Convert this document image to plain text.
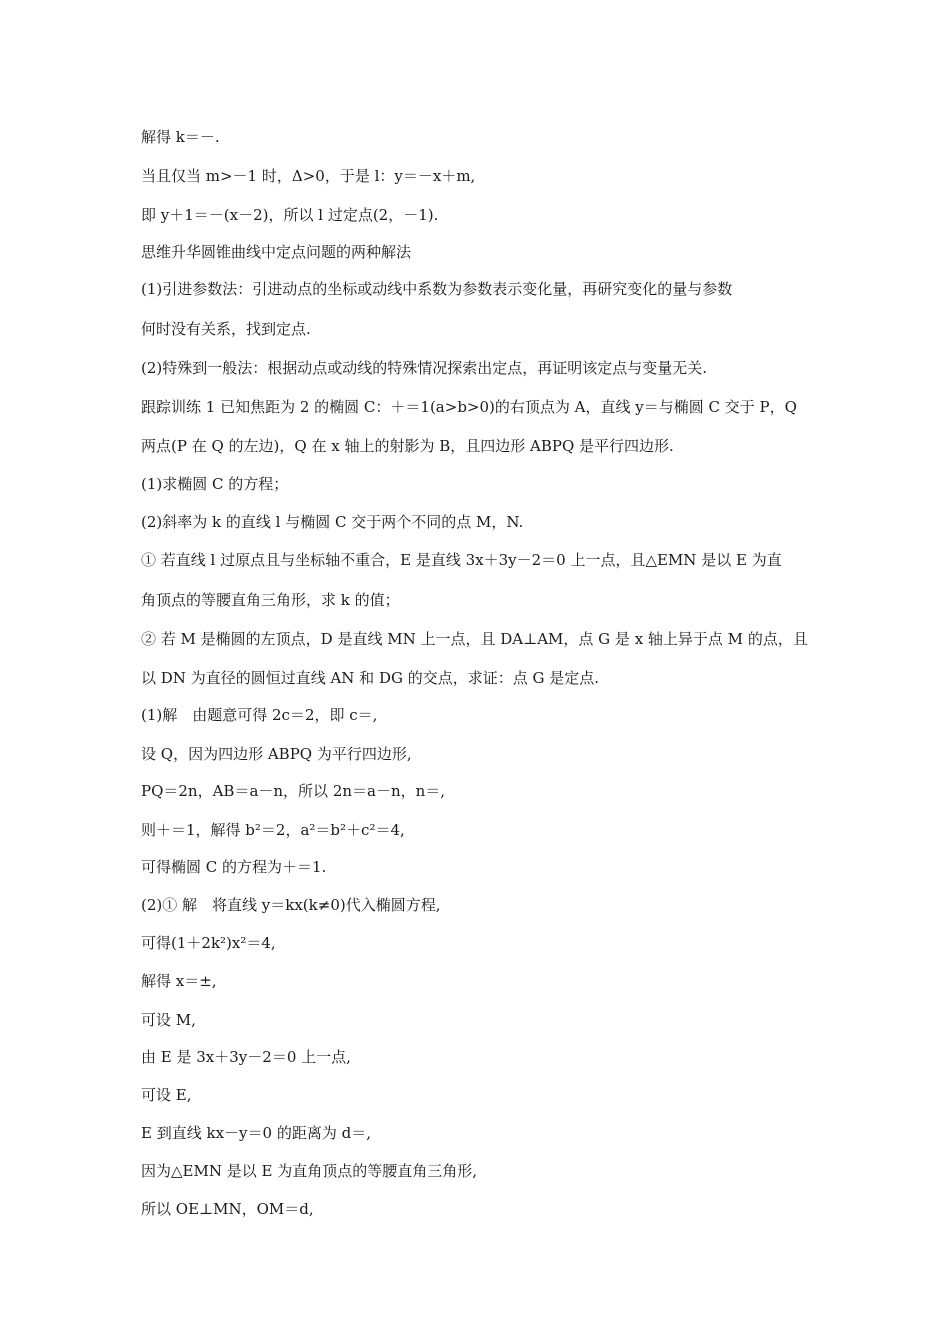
解得 k＝－.
当且仅当 m>－1 时，Δ>0，于是 l：y＝－x＋m,
即 y＋1＝－(x－2)，所以 l 过定点(2，－1).
思维升华圆锥曲线中定点问题的两种解法
(1)引进参数法：引进动点的坐标或动线中系数为参数表示变化量，再研究变化的量与参数
何时没有关系，找到定点.
(2)特殊到一般法：根据动点或动线的特殊情况探索出定点，再证明该定点与变量无关.
跟踪训练 1 已知焦距为 2 的椭圆 C：＋＝1(a>b>0)的右顶点为 A，直线 y＝与椭圆 C 交于 P，Q
两点(P 在 Q 的左边)，Q 在 x 轴上的射影为 B，且四边形 ABPQ 是平行四边形.
(1)求椭圆 C 的方程；
(2)斜率为 k 的直线 l 与椭圆 C 交于两个不同的点 M，N.
① 若直线 l 过原点且与坐标轴不重合，E 是直线 3x＋3y－2＝0 上一点，且△EMN 是以 E 为直
角顶点的等腰直角三角形，求 k 的值；
② 若 M 是椭圆的左顶点，D 是直线 MN 上一点，且 DA⊥AM，点 G 是 x 轴上异于点 M 的点，且
以 DN 为直径的圆恒过直线 AN 和 DG 的交点，求证：点 G 是定点.
(1)解　由题意可得 2c＝2，即 c＝,
设 Q，因为四边形 ABPQ 为平行四边形,
PQ＝2n，AB＝a－n，所以 2n＝a－n，n＝,
则＋＝1，解得 b²＝2，a²＝b²＋c²＝4,
可得椭圆 C 的方程为＋＝1.
(2)① 解　将直线 y＝kx(k≠0)代入椭圆方程,
可得(1＋2k²)x²＝4,
解得 x＝±,
可设 M,
由 E 是 3x＋3y－2＝0 上一点,
可设 E,
E 到直线 kx－y＝0 的距离为 d＝,
因为△EMN 是以 E 为直角顶点的等腰直角三角形,
所以 OE⊥MN，OM＝d,
